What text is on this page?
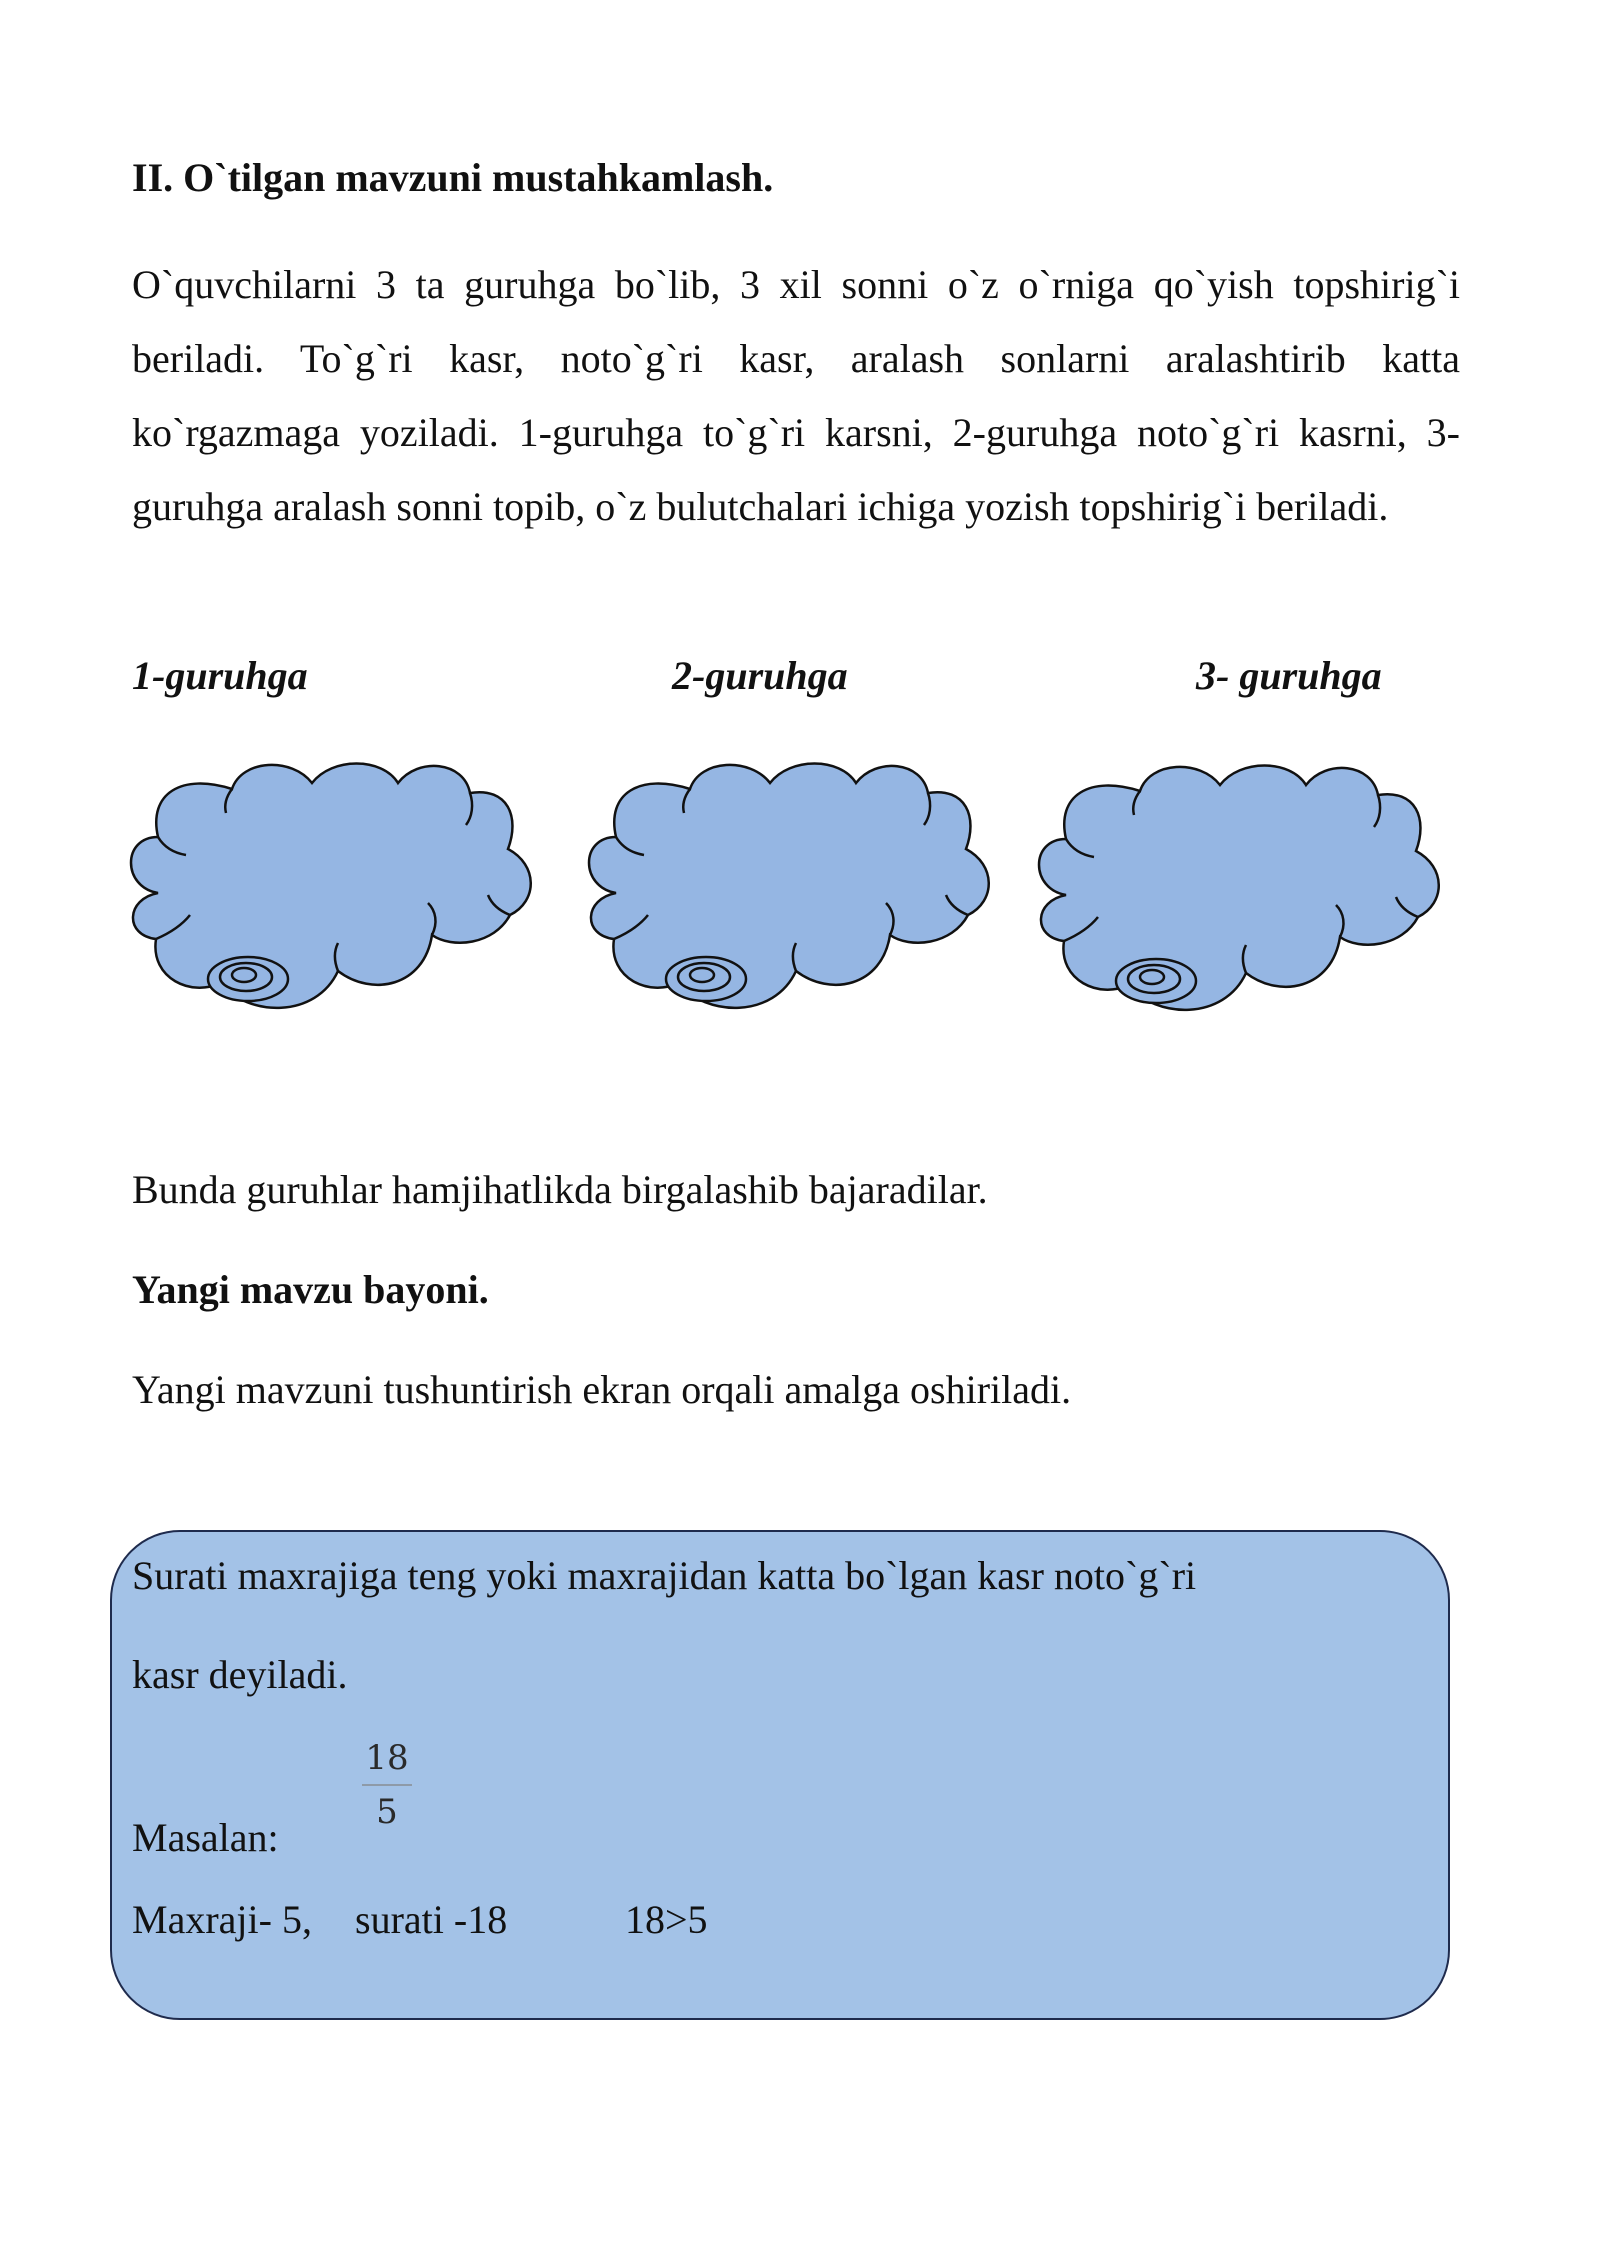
II. O`tilgan mavzuni mustahkamlash.
O`quvchilarni 3 ta guruhga bo`lib, 3 xil sonni o`z o`rniga qo`yish topshirig`i beriladi. To`g`ri kasr, noto`g`ri kasr, aralash sonlarni aralashtirib katta ko`rgazmaga yoziladi. 1-guruhga to`g`ri karsni, 2-guruhga noto`g`ri kasrni, 3- guruhga aralash sonni topib, o`z bulutchalari ichiga yozish topshirig`i beriladi.
1-guruhga	2-guruhga	3- guruhga
Bunda guruhlar hamjihatlikda birgalashib bajaradilar.
Yangi mavzu bayoni.
Yangi mavzuni tushuntirish ekran orqali amalga oshiriladi.
Surati maxrajiga teng yoki maxrajidan katta bo`lgan kasr noto`g`ri
kasr deyiladi.
$\frac{18}{5}$
Masalan:
Maxraji- 5, surati -18	18>5
